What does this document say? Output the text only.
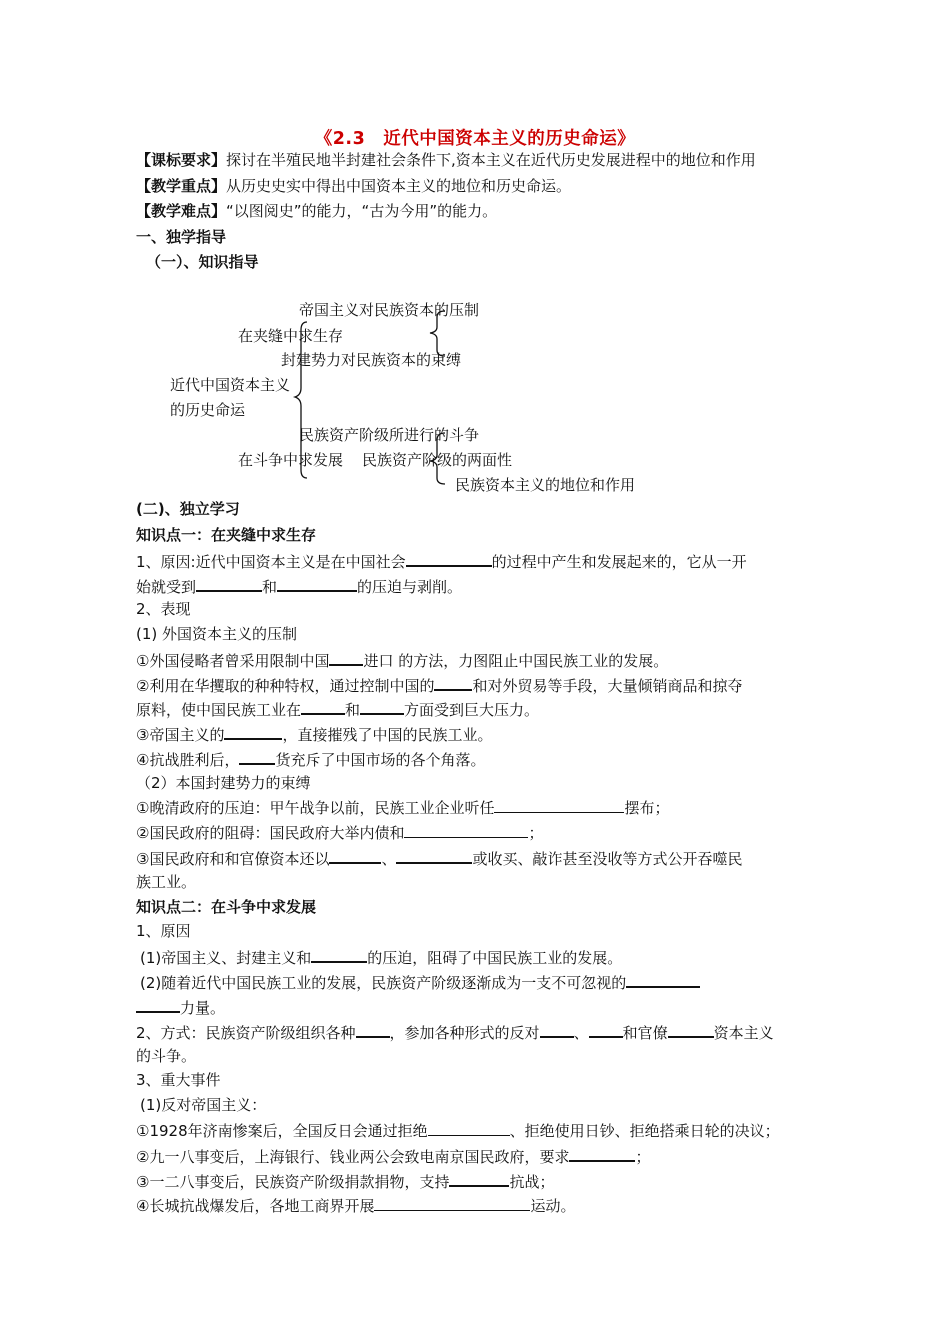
《2.3　近代中国资本主义的历史命运》
【课标要求】探讨在半殖民地半封建社会条件下,资本主义在近代历史发展进程中的地位和作用
【教学重点】从历史史实中得出中国资本主义的地位和历史命运。
【教学难点】“以图阅史”的能力，“古为今用”的能力。
一、独学指导
（一）、知识指导
近代中国资本主义
的历史命运
在夹缝中求生存
帝国主义对民族资本的压制
封建势力对民族资本的束缚
在斗争中求发展
民族资产阶级所进行的斗争
民族资产阶级的两面性
民族资本主义的地位和作用
(二)、独立学习
知识点一：在夹缝中求生存
1、原因:近代中国资本主义是在中国社会	的过程中产生和发展起来的，它从一开
始就受到	和	的压迫与剥削。
2、表现
(1) 外国资本主义的压制
①外国侵略者曾采用限制中国 进口 的方法，力图阻止中国民族工业的发展。
②利用在华攫取的种种特权，通过控制中国的	和对外贸易等手段，大量倾销商品和掠夺
原料，使中国民族工业在	和	方面受到巨大压力。
③帝国主义的	，直接摧残了中国的民族工业。
④抗战胜利后， 货充斥了中国市场的各个角落。
（2）本国封建势力的束缚
①晚清政府的压迫：甲午战争以前，民族工业企业听任	摆布；
②国民政府的阻碍：国民政府大举内债和	；
③国民政府和和官僚资本还以	、	或收买、敲诈甚至没收等方式公开吞噬民
族工业。
知识点二：在斗争中求发展
1、原因
(1)帝国主义、封建主义和	的压迫，阻碍了中国民族工业的发展。
(2)随着近代中国民族工业的发展，民族资产阶级逐渐成为一支不可忽视的
力量。
2、方式：民族资产阶级组织各种 ，参加各种形式的反对 、 和官僚	资本主义
的斗争。
3、重大事件
(1)反对帝国主义：
①1928年济南惨案后，全国反日会通过拒绝	、拒绝使用日钞、拒绝搭乘日轮的决议；
②九一八事变后，上海银行、钱业两公会致电南京国民政府，要求	；
③一二八事变后，民族资产阶级捐款捐物，支持	抗战；
④长城抗战爆发后，各地工商界开展	运动。
